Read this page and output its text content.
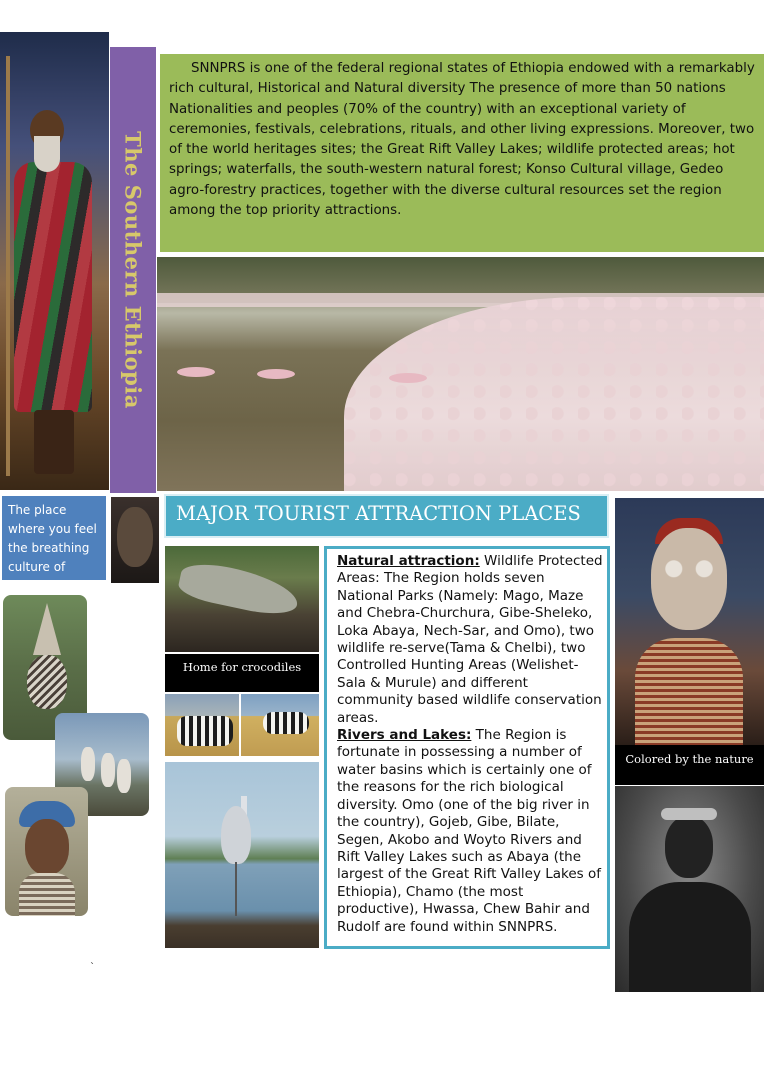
The Southern Ethiopia

SNNPRS is one of the federal regional states of Ethiopia endowed with a remarkably rich cultural, Historical and Natural diversity The presence of more than 50 nations Nationalities and peoples (70% of the country) with an exceptional variety of ceremonies, festivals, celebrations, rituals, and other living expressions. Moreover, two of the world heritages sites; the Great Rift Valley Lakes; wildlife protected areas; hot springs; waterfalls, the south-western natural forest; Konso Cultural village, Gedeo agro-forestry practices, together with the diverse cultural resources set the region among the top priority attractions.

The place where you feel the breathing culture of Ethiopia…
MAJOR TOURIST ATTRACTION PLACES
Home for crocodiles

Natural attraction: Wildlife Protected Areas: The Region holds seven National Parks (Namely: Mago, Maze and Chebra-Churchura, Gibe-Sheleko, Loka Abaya, Nech-Sar, and Omo), two wildlife re-serve(Tama & Chelbi), two Controlled Hunting Areas (Welishet-Sala & Murule) and different community based wildlife conservation areas.
Rivers and Lakes: The Region is fortunate in possessing a number of water basins which is certainly one of the reasons for the rich biological diversity. Omo (one of the big river in the country), Gojeb, Gibe, Bilate, Segen, Akobo and Woyto Rivers and Rift Valley Lakes such as Abaya (the largest of the Great Rift Valley Lakes of Ethiopia), Chamo (the most productive), Hwassa, Chew Bahir and Rudolf are found within SNNPRS.

Colored by the nature
`
